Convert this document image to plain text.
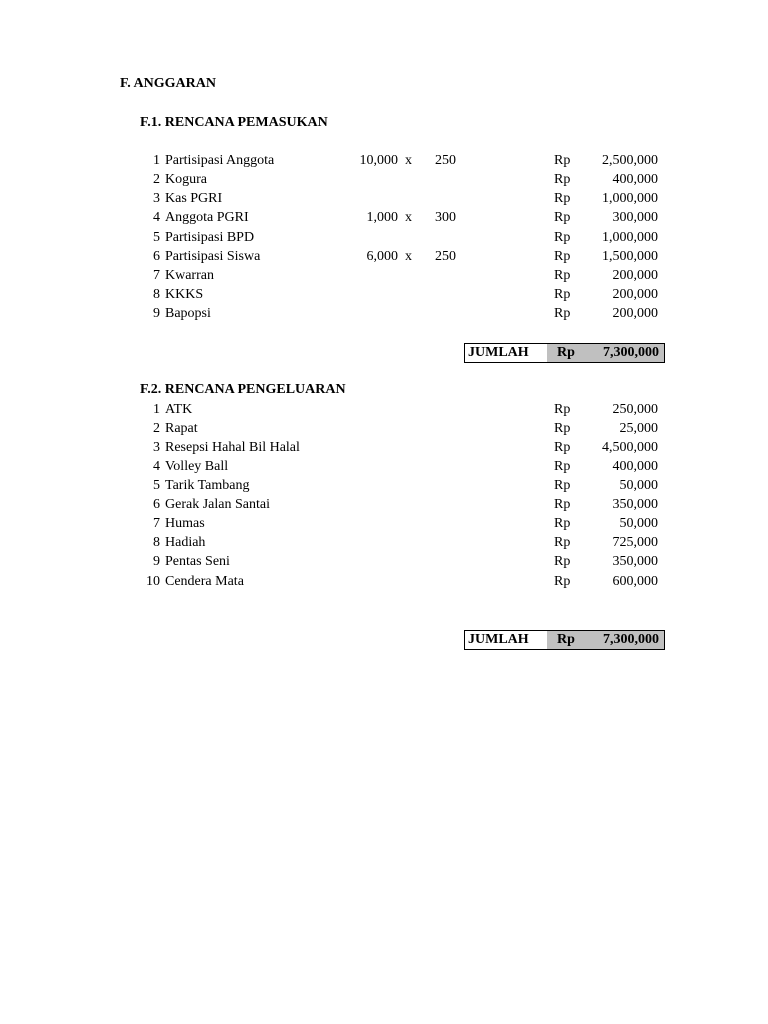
F. ANGGARAN
F.1. RENCANA PEMASUKAN
1 Partisipasi Anggota	10,000 x 250	Rp	2,500,000
2 Kogura	Rp	400,000
3 Kas PGRI	Rp	1,000,000
4 Anggota PGRI	1,000 x 300	Rp	300,000
5 Partisipasi BPD	Rp	1,000,000
6 Partisipasi Siswa	6,000 x 250	Rp	1,500,000
7 Kwarran	Rp	200,000
8 KKKS	Rp	200,000
9 Bapopsi	Rp	200,000
JUMLAH Rp	7,300,000
F.2. RENCANA PENGELUARAN
1 ATK	Rp	250,000
2 Rapat	Rp	25,000
3 Resepsi Hahal Bil Halal	Rp	4,500,000
4 Volley Ball	Rp	400,000
5 Tarik Tambang	Rp	50,000
6 Gerak Jalan Santai	Rp	350,000
7 Humas	Rp	50,000
8 Hadiah	Rp	725,000
9 Pentas Seni	Rp	350,000
10 Cendera Mata	Rp	600,000
JUMLAH Rp	7,300,000
